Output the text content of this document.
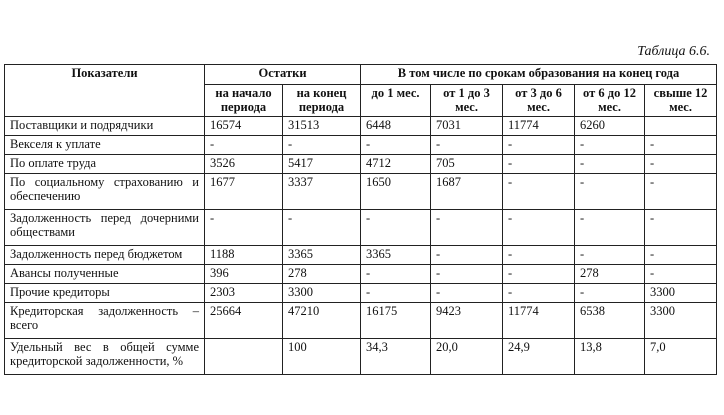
Таблица 6.6.
Показатели	Остатки		В том числе по срокам образования на конец года				
	на начало периода	на конец периода	до 1 мес.	от 1 до 3 мес.	от 3 до 6 мес.	от 6 до 12 мес.	свыше 12 мес.
Поставщики и подрядчики	16574	31513	6448	7031	11774	6260	
Векселя к уплате	-	-	-	-	-	-	-
По оплате труда	3526	5417	4712	705	-	-	-
По социальному страхованию и обеспечению	1677	3337	1650	1687	-	-	-
Задолженность перед дочерними обществами	-	-	-	-	-	-	-
Задолженность перед бюджетом	1188	3365	3365	-	-	-	-
Авансы полученные	396	278	-	-	-	278	-
Прочие кредиторы	2303	3300	-	-	-	-	3300
Кредиторская задолженность – всего	25664	47210	16175	9423	11774	6538	3300
Удельный вес в общей сумме кредиторской задолженности, %		100	34,3	20,0	24,9	13,8	7,0
